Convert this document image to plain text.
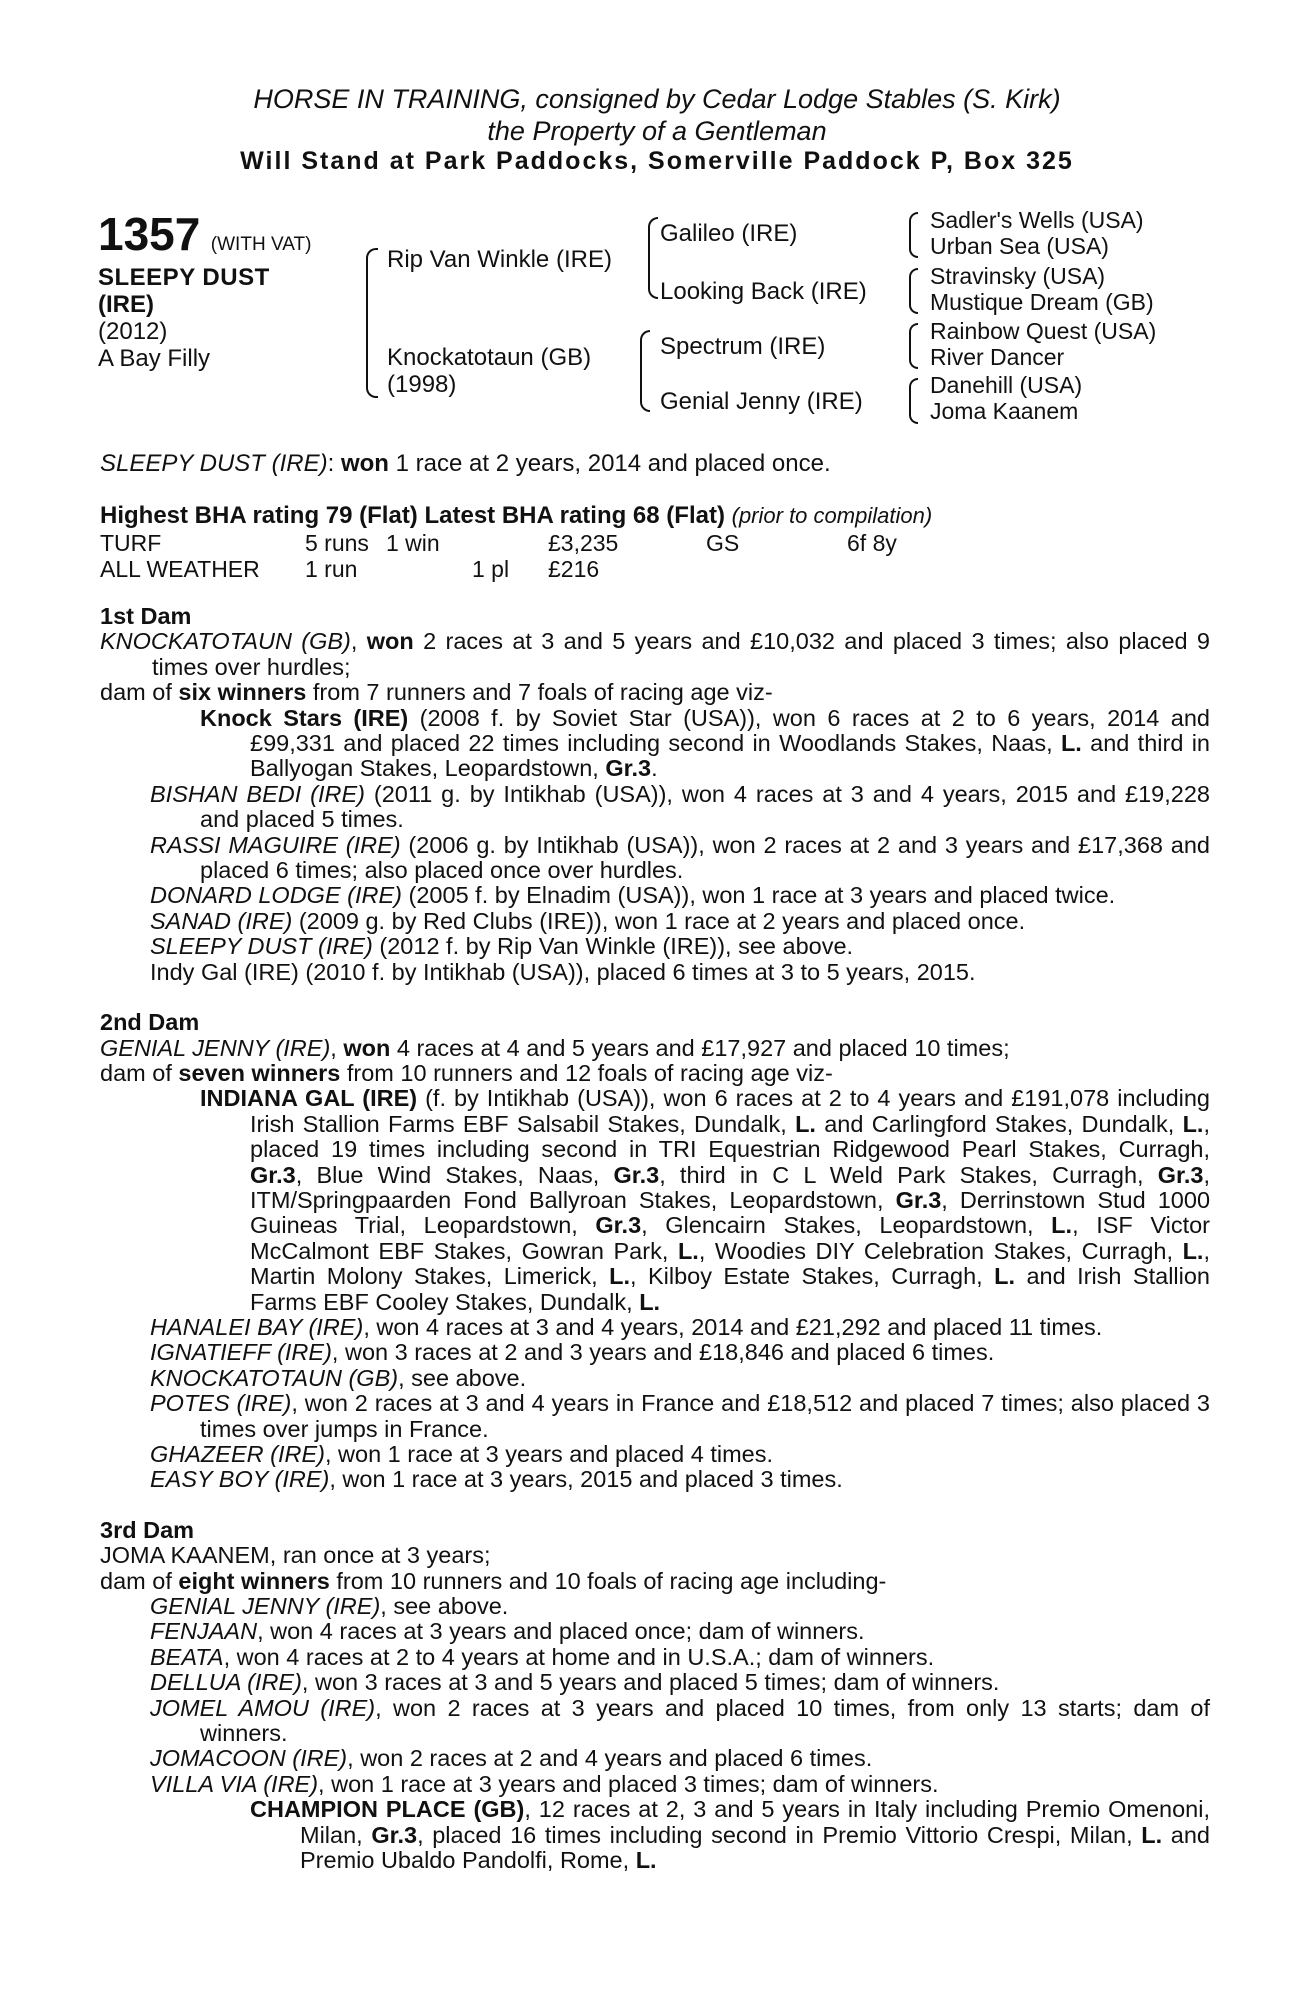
HORSE IN TRAINING, consigned by Cedar Lodge Stables (S. Kirk)
the Property of a Gentleman
Will Stand at Park Paddocks, Somerville Paddock P, Box 325
1357 (WITH VAT)
SLEEPY DUST
(IRE)
(2012)
A Bay Filly
Rip Van Winkle (IRE)
Knockatotaun (GB)
(1998)
Galileo (IRE)
Looking Back (IRE)
Spectrum (IRE)
Genial Jenny (IRE)
Sadler's Wells (USA)
Urban Sea (USA)
Stravinsky (USA)
Mustique Dream (GB)
Rainbow Quest (USA)
River Dancer
Danehill (USA)
Joma Kaanem
SLEEPY DUST (IRE): won 1 race at 2 years, 2014 and placed once.
Highest BHA rating 79 (Flat) Latest BHA rating 68 (Flat) (prior to compilation)
TURF	5 runs 1 win	£3,235	GS	6f 8y
ALL WEATHER 1 run	1 pl £216
1st Dam

KNOCKATOTAUN (GB), won 2 races at 3 and 5 years and £10,032 and placed 3 times; also placed 9 times over hurdles;

dam of six winners from 7 runners and 7 foals of racing age viz-

Knock Stars (IRE) (2008 f. by Soviet Star (USA)), won 6 races at 2 to 6 years, 2014 and £99,331 and placed 22 times including second in Woodlands Stakes, Naas, L. and third in Ballyogan Stakes, Leopardstown, Gr.3.

BISHAN BEDI (IRE) (2011 g. by Intikhab (USA)), won 4 races at 3 and 4 years, 2015 and £19,228 and placed 5 times.

RASSI MAGUIRE (IRE) (2006 g. by Intikhab (USA)), won 2 races at 2 and 3 years and £17,368 and placed 6 times; also placed once over hurdles.

DONARD LODGE (IRE) (2005 f. by Elnadim (USA)), won 1 race at 3 years and placed twice.

SANAD (IRE) (2009 g. by Red Clubs (IRE)), won 1 race at 2 years and placed once.

SLEEPY DUST (IRE) (2012 f. by Rip Van Winkle (IRE)), see above.

Indy Gal (IRE) (2010 f. by Intikhab (USA)), placed 6 times at 3 to 5 years, 2015.

2nd Dam

GENIAL JENNY (IRE), won 4 races at 4 and 5 years and £17,927 and placed 10 times;

dam of seven winners from 10 runners and 12 foals of racing age viz-

INDIANA GAL (IRE) (f. by Intikhab (USA)), won 6 races at 2 to 4 years and £191,078 including Irish Stallion Farms EBF Salsabil Stakes, Dundalk, L. and Carlingford Stakes, Dundalk, L., placed 19 times including second in TRI Equestrian Ridgewood Pearl Stakes, Curragh, Gr.3, Blue Wind Stakes, Naas, Gr.3, third in C L Weld Park Stakes, Curragh, Gr.3, ITM/Springpaarden Fond Ballyroan Stakes, Leopardstown, Gr.3, Derrinstown Stud 1000 Guineas Trial, Leopardstown, Gr.3, Glencairn Stakes, Leopardstown, L., ISF Victor McCalmont EBF Stakes, Gowran Park, L., Woodies DIY Celebration Stakes, Curragh, L., Martin Molony Stakes, Limerick, L., Kilboy Estate Stakes, Curragh, L. and Irish Stallion Farms EBF Cooley Stakes, Dundalk, L.

HANALEI BAY (IRE), won 4 races at 3 and 4 years, 2014 and £21,292 and placed 11 times.

IGNATIEFF (IRE), won 3 races at 2 and 3 years and £18,846 and placed 6 times.

KNOCKATOTAUN (GB), see above.

POTES (IRE), won 2 races at 3 and 4 years in France and £18,512 and placed 7 times; also placed 3 times over jumps in France.

GHAZEER (IRE), won 1 race at 3 years and placed 4 times.

EASY BOY (IRE), won 1 race at 3 years, 2015 and placed 3 times.

3rd Dam

JOMA KAANEM, ran once at 3 years;

dam of eight winners from 10 runners and 10 foals of racing age including-

GENIAL JENNY (IRE), see above.

FENJAAN, won 4 races at 3 years and placed once; dam of winners.

BEATA, won 4 races at 2 to 4 years at home and in U.S.A.; dam of winners.

DELLUA (IRE), won 3 races at 3 and 5 years and placed 5 times; dam of winners.

JOMEL AMOU (IRE), won 2 races at 3 years and placed 10 times, from only 13 starts; dam of winners.

JOMACOON (IRE), won 2 races at 2 and 4 years and placed 6 times.

VILLA VIA (IRE), won 1 race at 3 years and placed 3 times; dam of winners.

CHAMPION PLACE (GB), 12 races at 2, 3 and 5 years in Italy including Premio Omenoni, Milan, Gr.3, placed 16 times including second in Premio Vittorio Crespi, Milan, L. and Premio Ubaldo Pandolfi, Rome, L.
